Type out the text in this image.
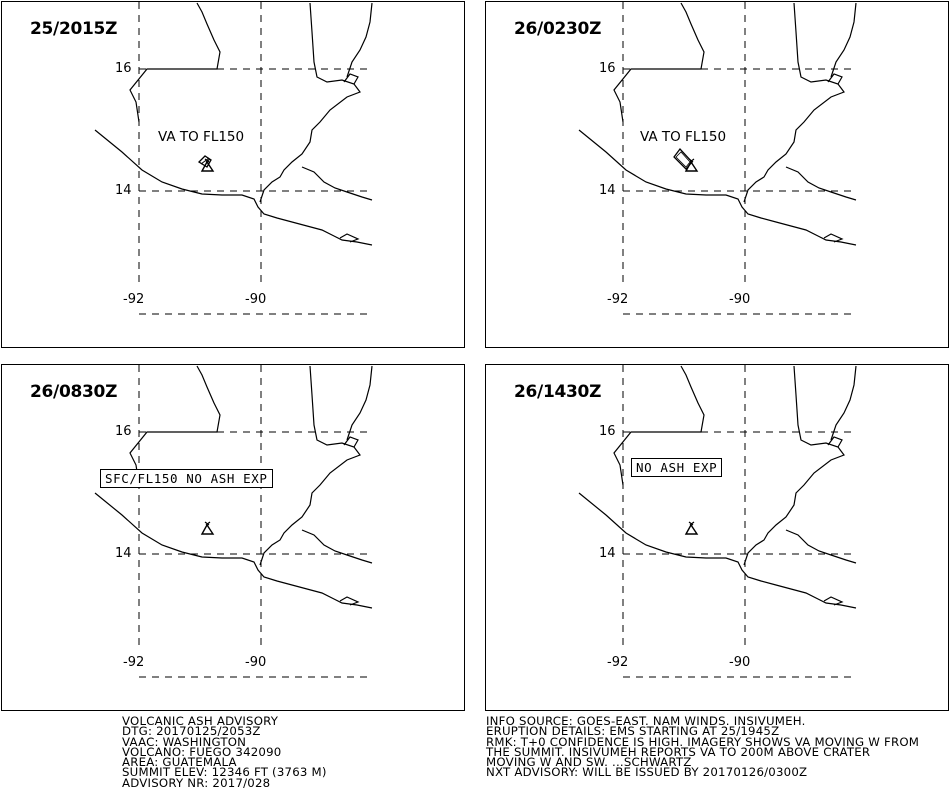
25/2015Z
VA TO FL150
16
14
-92	-90
26/0230Z
VA TO FL150
16
14
-92	-90
26/0830Z
SFC/FL150 NO ASH EXP
16
14
-92	-90
26/1430Z
NO ASH EXP
16
14
-92	-90
VOLCANIC ASH ADVISORY
DTG: 20170125/2053Z
VAAC: WASHINGTON
VOLCANO: FUEGO 342090
AREA: GUATEMALA
SUMMIT ELEV: 12346 FT (3763 M)
ADVISORY NR: 2017/028
INFO SOURCE: GOES-EAST. NAM WINDS. INSIVUMEH.
ERUPTION DETAILS: EMS STARTING AT 25/1945Z
RMK: T+0 CONFIDENCE IS HIGH. IMAGERY SHOWS VA MOVING W FROM
THE SUMMIT. INSIVUMEH REPORTS VA TO 200M ABOVE CRATER
MOVING W AND SW. ...SCHWARTZ
NXT ADVISORY: WILL BE ISSUED BY 20170126/0300Z
